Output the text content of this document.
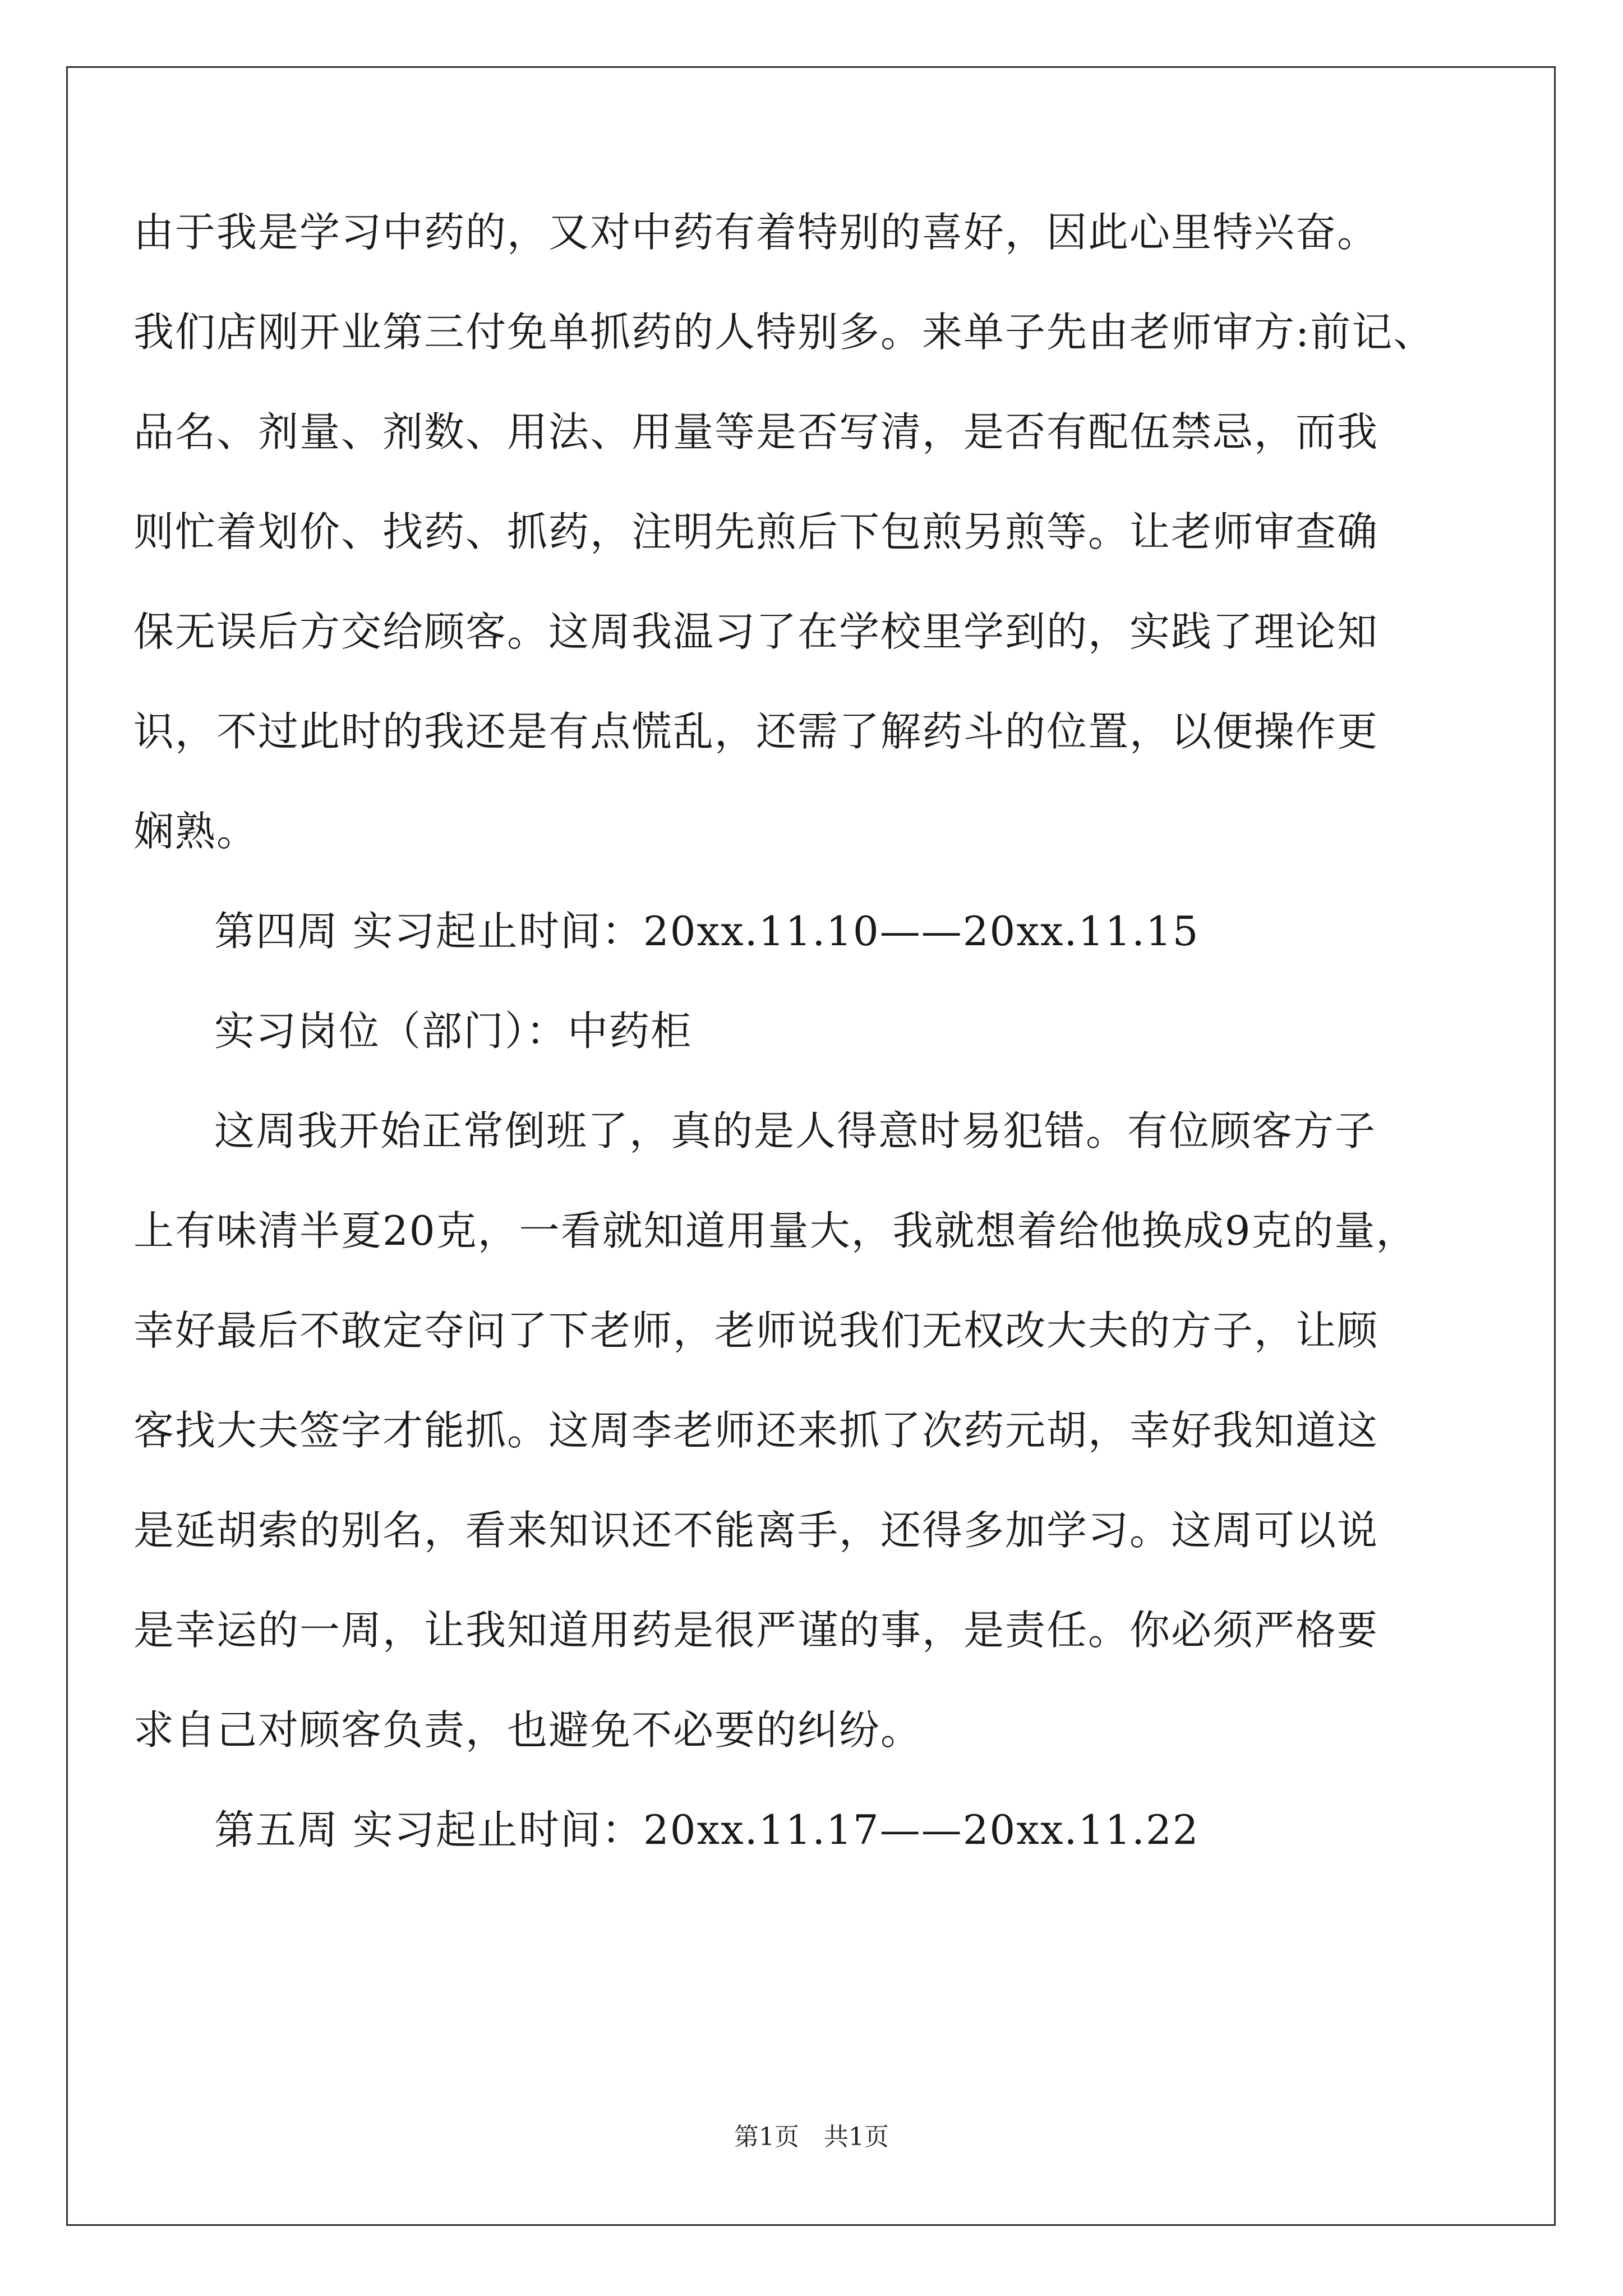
由于我是学习中药的，又对中药有着特别的喜好，因此心里特兴奋。

我们店刚开业第三付免单抓药的人特别多。来单子先由老师审方:前记、

品名、剂量、剂数、用法、用量等是否写清，是否有配伍禁忌，而我

则忙着划价、找药、抓药，注明先煎后下包煎另煎等。让老师审查确

保无误后方交给顾客。这周我温习了在学校里学到的，实践了理论知

识，不过此时的我还是有点慌乱，还需了解药斗的位置，以便操作更

娴熟。

第四周 实习起止时间：20xx.11.10——20xx.11.15

实习岗位（部门）：中药柜

这周我开始正常倒班了，真的是人得意时易犯错。有位顾客方子

上有味清半夏20克，一看就知道用量大，我就想着给他换成9克的量，

幸好最后不敢定夺问了下老师，老师说我们无权改大夫的方子，让顾

客找大夫签字才能抓。这周李老师还来抓了次药元胡，幸好我知道这

是延胡索的别名，看来知识还不能离手，还得多加学习。这周可以说

是幸运的一周，让我知道用药是很严谨的事，是责任。你必须严格要

求自己对顾客负责，也避免不必要的纠纷。

第五周 实习起止时间：20xx.11.17——20xx.11.22

第1页　共1页
